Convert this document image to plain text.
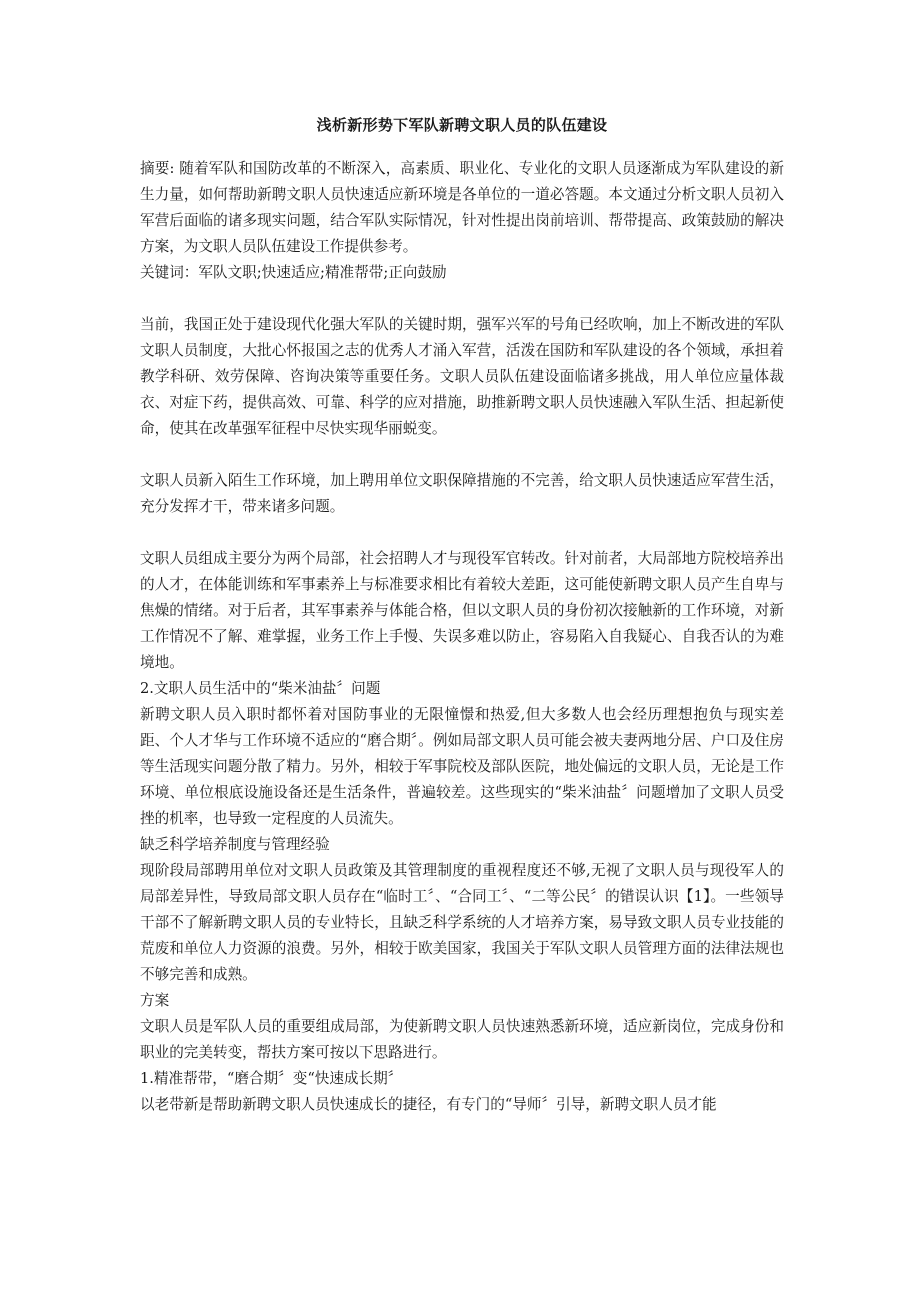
浅析新形势下军队新聘文职人员的队伍建设

摘要: 随着军队和国防改革的不断深入，高素质、职业化、专业化的文职人员逐渐成为军队建设的新生力量，如何帮助新聘文职人员快速适应新环境是各单位的一道必答题。本文通过分析文职人员初入军营后面临的诸多现实问题，结合军队实际情况，针对性提出岗前培训、帮带提高、政策鼓励的解决方案，为文职人员队伍建设工作提供参考。

关键词：军队文职;快速适应;精准帮带;正向鼓励

当前，我国正处于建设现代化强大军队的关键时期，强军兴军的号角已经吹响，加上不断改进的军队文职人员制度，大批心怀报国之志的优秀人才涌入军营，活泼在国防和军队建设的各个领域，承担着教学科研、效劳保障、咨询决策等重要任务。文职人员队伍建设面临诸多挑战，用人单位应量体裁衣、对症下药，提供高效、可靠、科学的应对措施，助推新聘文职人员快速融入军队生活、担起新使命，使其在改革强军征程中尽快实现华丽蜕变。

文职人员新入陌生工作环境，加上聘用单位文职保障措施的不完善，给文职人员快速适应军营生活，充分发挥才干，带来诸多问题。

文职人员组成主要分为两个局部，社会招聘人才与现役军官转改。针对前者，大局部地方院校培养出的人才，在体能训练和军事素养上与标准要求相比有着较大差距，这可能使新聘文职人员产生自卑与焦燥的情绪。对于后者，其军事素养与体能合格，但以文职人员的身份初次接触新的工作环境，对新工作情况不了解、难掌握，业务工作上手慢、失误多难以防止，容易陷入自我疑心、自我否认的为难境地。

2.文职人员生活中的“柴米油盐〞问题

新聘文职人员入职时都怀着对国防事业的无限憧憬和热爱,但大多数人也会经历理想抱负与现实差距、个人才华与工作环境不适应的“磨合期〞。例如局部文职人员可能会被夫妻两地分居、户口及住房等生活现实问题分散了精力。另外，相较于军事院校及部队医院，地处偏远的文职人员，无论是工作环境、单位根底设施设备还是生活条件，普遍较差。这些现实的“柴米油盐〞问题增加了文职人员受挫的机率，也导致一定程度的人员流失。

缺乏科学培养制度与管理经验

现阶段局部聘用单位对文职人员政策及其管理制度的重视程度还不够,无视了文职人员与现役军人的局部差异性，导致局部文职人员存在“临时工〞、“合同工〞、“二等公民〞的错误认识【1】。一些领导干部不了解新聘文职人员的专业特长，且缺乏科学系统的人才培养方案，易导致文职人员专业技能的荒废和单位人力资源的浪费。另外，相较于欧美国家，我国关于军队文职人员管理方面的法律法规也不够完善和成熟。

方案

文职人员是军队人员的重要组成局部，为使新聘文职人员快速熟悉新环境，适应新岗位，完成身份和职业的完美转变，帮扶方案可按以下思路进行。

1.精准帮带，“磨合期〞变“快速成长期〞

以老带新是帮助新聘文职人员快速成长的捷径，有专门的“导师〞引导，新聘文职人员才能
